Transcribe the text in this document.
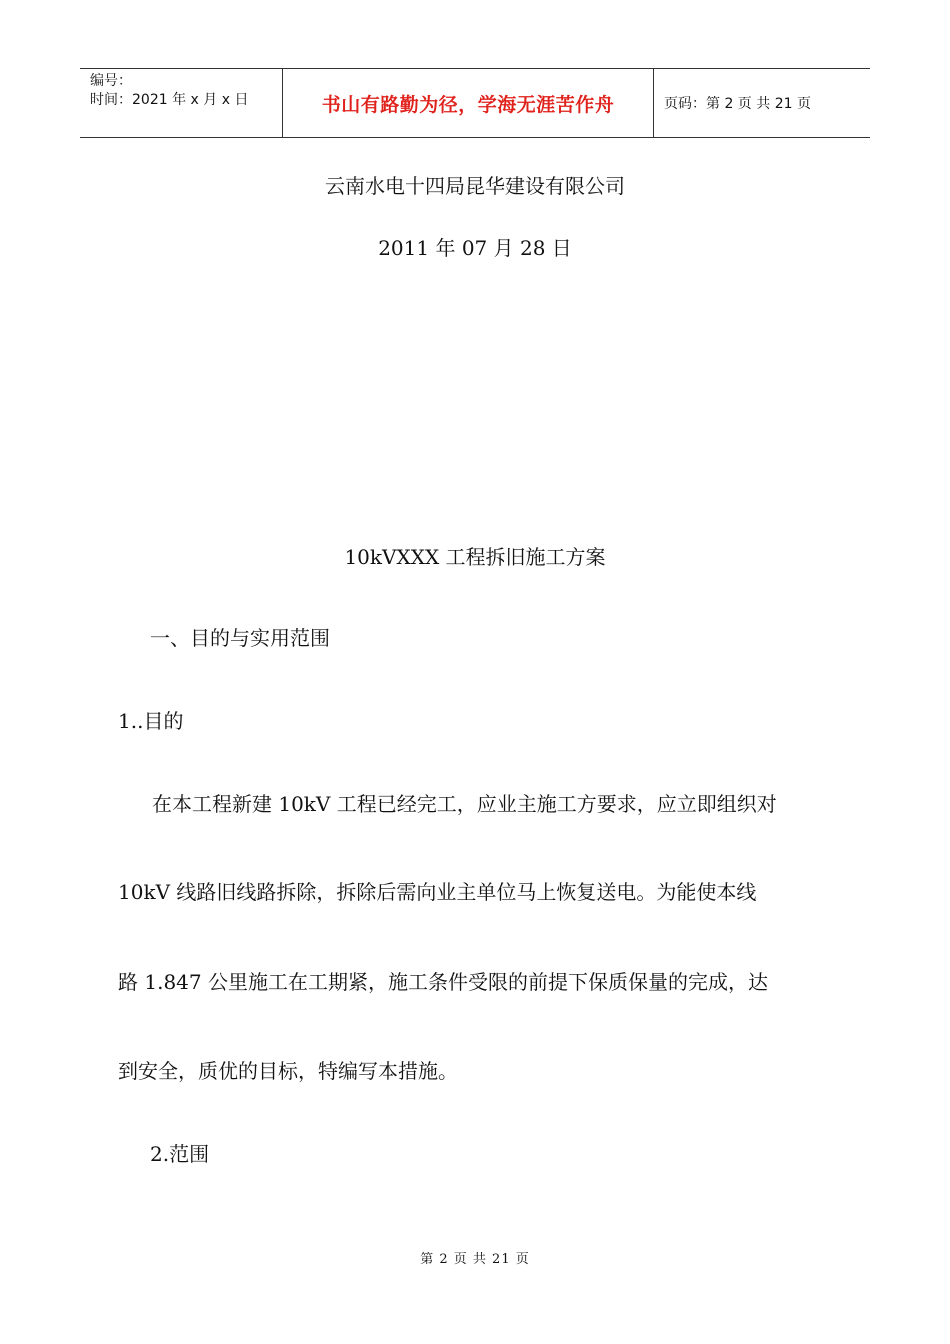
编号：
时间：2021 年 x 月 x 日	书山有路勤为径，学海无涯苦作舟	页码：第 2 页 共 21 页
云南水电十四局昆华建设有限公司
2011 年 07 月 28 日
10kVXXX 工程拆旧施工方案
一、目的与实用范围
1..目的
在本工程新建 10kV 工程已经完工，应业主施工方要求，应立即组织对
10kV 线路旧线路拆除，拆除后需向业主单位马上恢复送电。为能使本线
路 1.847 公里施工在工期紧，施工条件受限的前提下保质保量的完成，达
到安全，质优的目标，特编写本措施。
2.范围
第 2 页 共 21 页
